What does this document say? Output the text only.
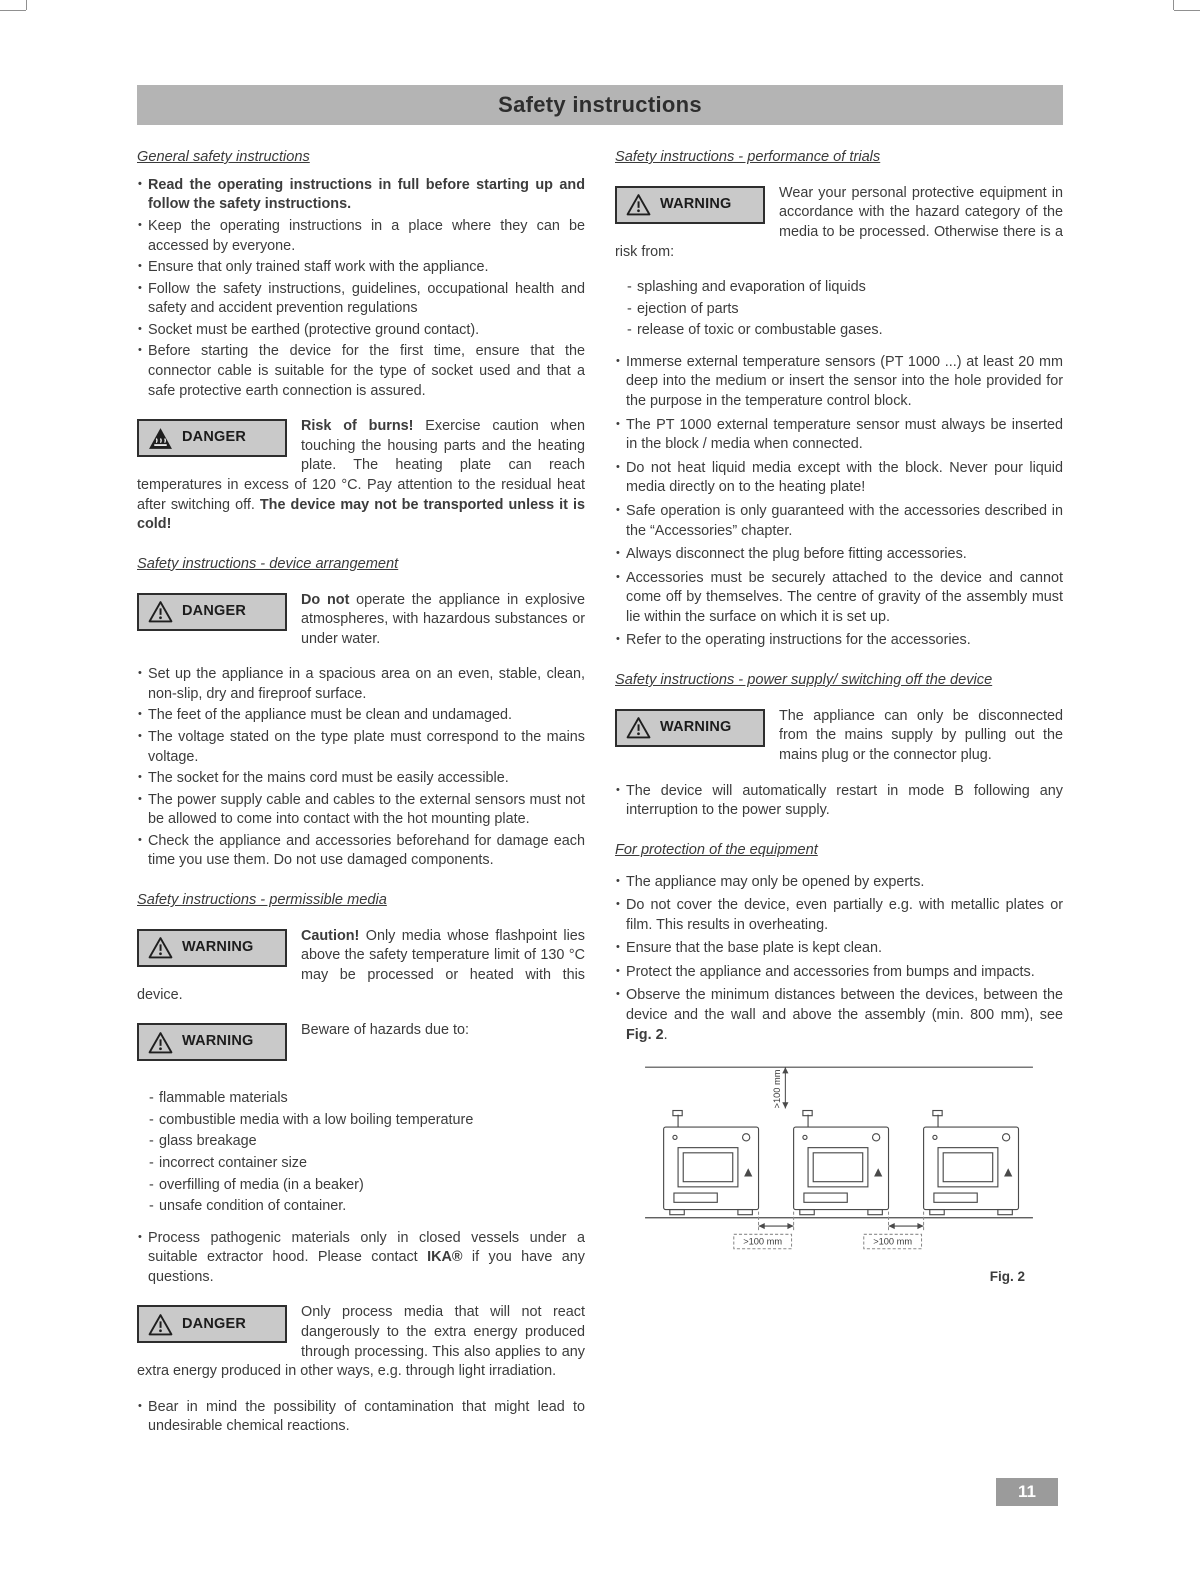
Safety instructions
General safety instructions
• Read the operating instructions in full before starting up and follow the safety instructions.
• Keep the operating instructions in a place where they can be accessed by everyone.
• Ensure that only trained staff work with the appliance.
• Follow the safety instructions, guidelines, occupational health and safety and accident prevention regulations
• Socket must be earthed (protective ground contact).
• Before starting the device for the first time, ensure that the connector cable is suitable for the type of socket used and that a safe protective earth connection is assured.
DANGER

Risk of burns! Exercise caution when touching the housing parts and the heating plate. The heating plate can reach temperatures in excess of 120 °C. Pay attention to the residual heat after switching off. The device may not be transported unless it is cold!

Safety instructions - device arrangement
DANGER

Do not operate the appliance in explosive atmospheres, with hazardous substances or under water.

• Set up the appliance in a spacious area on an even, stable, clean, non-slip, dry and fireproof surface.
• The feet of the appliance must be clean and undamaged.
• The voltage stated on the type plate must correspond to the mains voltage.
• The socket for the mains cord must be easily accessible.
• The power supply cable and cables to the external sensors must not be allowed to come into contact with the hot mounting plate.
• Check the appliance and accessories beforehand for damage each time you use them. Do not use damaged components.
Safety instructions - permissible media
WARNING

Caution! Only media whose flashpoint lies above the safety temperature limit of 130 °C may be processed or heated with this device.

WARNING

Beware of hazards due to:

- flammable materials
- combustible media with a low boiling temperature
- glass breakage
- incorrect container size
- overfilling of media (in a beaker)
- unsafe condition of container.
• Process pathogenic materials only in closed vessels under a suitable extractor hood. Please contact IKA® if you have any questions.
DANGER

Only process media that will not react dangerously to the extra energy produced through processing. This also applies to any extra energy produced in other ways, e.g. through light irradiation.

• Bear in mind the possibility of contamination that might lead to undesirable chemical reactions.
Safety instructions - performance of trials
WARNING

Wear your personal protective equipment in accordance with the hazard category of the media to be processed. Otherwise there is a risk from:

- splashing and evaporation of liquids
- ejection of parts
- release of toxic or combustable gases.
• Immerse external temperature sensors (PT 1000 ...) at least 20 mm deep into the medium or insert the sensor into the hole provided for the purpose in the temperature control block.
• The PT 1000 external temperature sensor must always be inserted in the block / media when connected.
• Do not heat liquid media except with the block. Never pour liquid media directly on to the heating plate!
• Safe operation is only guaranteed with the accessories described in the “Accessories” chapter.
• Always disconnect the plug before fitting accessories.
• Accessories must be securely attached to the device and cannot come off by themselves. The centre of gravity of the assembly must lie within the surface on which it is set up.
• Refer to the operating instructions for the accessories.
Safety instructions - power supply/ switching off the device
WARNING

The appliance can only be disconnected from the mains supply by pulling out the mains plug or the connector plug.

• The device will automatically restart in mode B following any interruption to the power supply.
For protection of the equipment
• The appliance may only be opened by experts.
• Do not cover the device, even partially e.g. with metallic plates or film. This results in overheating.
• Ensure that the base plate is kept clean.
• Protect the appliance and accessories from bumps and impacts.
• Observe the minimum distances between the devices, between the device and the wall and above the assembly (min. 800 mm), see Fig. 2.
>100 mm
>100 mm	>100 mm
Fig. 2
11
